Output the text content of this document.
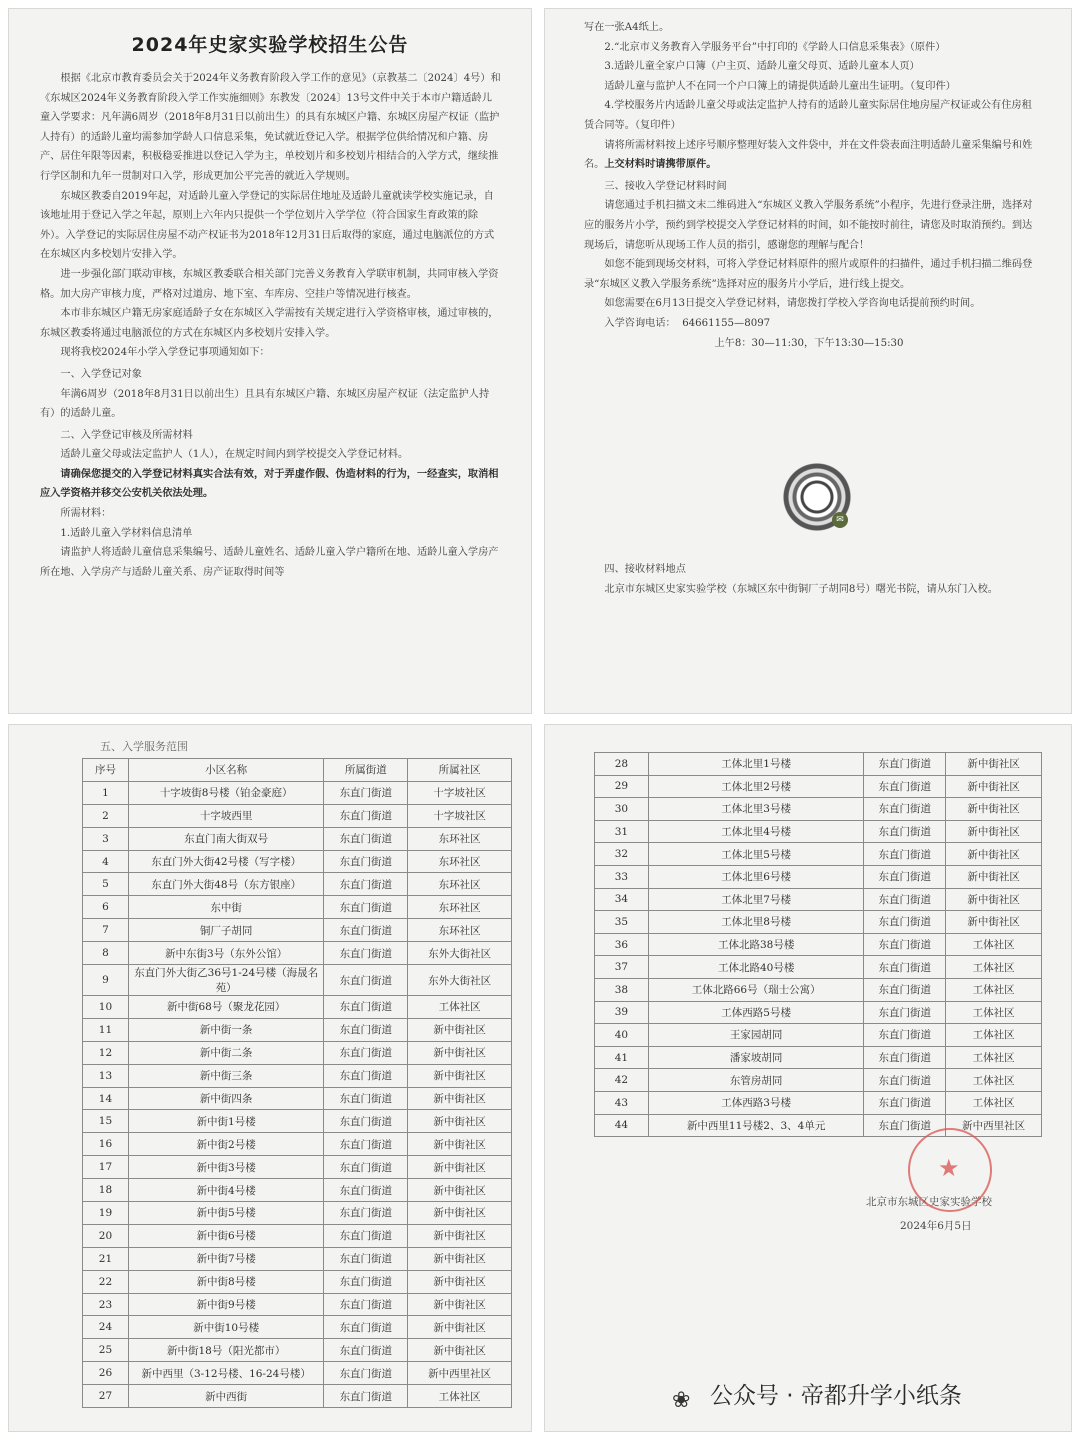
2024年史家实验学校招生公告

根据《北京市教育委员会关于2024年义务教育阶段入学工作的意见》（京教基二〔2024〕4号）和《东城区2024年义务教育阶段入学工作实施细则》东教发〔2024〕13号文件中关于本市户籍适龄儿童入学要求：凡年满6周岁（2018年8月31日以前出生）的具有东城区户籍、东城区房屋产权证（监护人持有）的适龄儿童均需参加学龄人口信息采集，免试就近登记入学。根据学位供给情况和户籍、房产、居住年限等因素，积极稳妥推进以登记入学为主，单校划片和多校划片相结合的入学方式，继续推行学区制和九年一贯制对口入学，形成更加公平完善的就近入学规则。

东城区教委自2019年起，对适龄儿童入学登记的实际居住地址及适龄儿童就读学校实施记录，自该地址用于登记入学之年起，原则上六年内只提供一个学位划片入学学位（符合国家生育政策的除外）。入学登记的实际居住房屋不动产权证书为2018年12月31日后取得的家庭，通过电脑派位的方式在东城区内多校划片安排入学。

进一步强化部门联动审核，东城区教委联合相关部门完善义务教育入学联审机制，共同审核入学资格。加大房产审核力度，严格对过道房、地下室、车库房、空挂户等情况进行核查。

本市非东城区户籍无房家庭适龄子女在东城区入学需按有关规定进行入学资格审核，通过审核的，东城区教委将通过电脑派位的方式在东城区内多校划片安排入学。

现将我校2024年小学入学登记事项通知如下：

一、入学登记对象

年满6周岁（2018年8月31日以前出生）且具有东城区户籍、东城区房屋产权证（法定监护人持有）的适龄儿童。

二、入学登记审核及所需材料

适龄儿童父母或法定监护人（1人），在规定时间内到学校提交入学登记材料。

请确保您提交的入学登记材料真实合法有效，对于弄虚作假、伪造材料的行为，一经查实，取消相应入学资格并移交公安机关依法处理。

所需材料：

1.适龄儿童入学材料信息清单

请监护人将适龄儿童信息采集编号、适龄儿童姓名、适龄儿童入学户籍所在地、适龄儿童入学房产所在地、入学房产与适龄儿童关系、房产证取得时间等

写在一张A4纸上。

2.“北京市义务教育入学服务平台”中打印的《学龄人口信息采集表》（原件）

3.适龄儿童全家户口簿（户主页、适龄儿童父母页、适龄儿童本人页）

适龄儿童与监护人不在同一个户口簿上的请提供适龄儿童出生证明。（复印件）

4.学校服务片内适龄儿童父母或法定监护人持有的适龄儿童实际居住地房屋产权证或公有住房租赁合同等。（复印件）

请将所需材料按上述序号顺序整理好装入文件袋中，并在文件袋表面注明适龄儿童采集编号和姓名。上交材料时请携带原件。

三、接收入学登记材料时间

请您通过手机扫描文末二维码进入“东城区义教入学服务系统”小程序，先进行登录注册，选择对应的服务片小学，预约到学校提交入学登记材料的时间，如不能按时前往，请您及时取消预约。到达现场后，请您听从现场工作人员的指引，感谢您的理解与配合！

如您不能到现场交材料，可将入学登记材料原件的照片或原件的扫描件，通过手机扫描二维码登录“东城区义教入学服务系统”选择对应的服务片小学后，进行线上提交。

如您需要在6月13日提交入学登记材料，请您拨打学校入学咨询电话提前预约时间。

入学咨询电话： 64661155—8097

上午8：30—11:30，下午13:30—15:30

✉

四、接收材料地点

北京市东城区史家实验学校（东城区东中街铜厂子胡同8号）曙光书院，请从东门入校。

五、入学服务范围
序号	小区名称	所属街道	所属社区
1	十字坡街8号楼（铂金豪庭）	东直门街道	十字坡社区
2	十字坡西里	东直门街道	十字坡社区
3	东直门南大街双号	东直门街道	东环社区
4	东直门外大街42号楼（写字楼）	东直门街道	东环社区
5	东直门外大街48号（东方银座）	东直门街道	东环社区
6	东中街	东直门街道	东环社区
7	铜厂子胡同	东直门街道	东环社区
8	新中东街3号（东外公馆）	东直门街道	东外大街社区
9	东直门外大街乙36号1-24号楼（海晟名苑）	东直门街道	东外大街社区
10	新中街68号（聚龙花园）	东直门街道	工体社区
11	新中街一条	东直门街道	新中街社区
12	新中街二条	东直门街道	新中街社区
13	新中街三条	东直门街道	新中街社区
14	新中街四条	东直门街道	新中街社区
15	新中街1号楼	东直门街道	新中街社区
16	新中街2号楼	东直门街道	新中街社区
17	新中街3号楼	东直门街道	新中街社区
18	新中街4号楼	东直门街道	新中街社区
19	新中街5号楼	东直门街道	新中街社区
20	新中街6号楼	东直门街道	新中街社区
21	新中街7号楼	东直门街道	新中街社区
22	新中街8号楼	东直门街道	新中街社区
23	新中街9号楼	东直门街道	新中街社区
24	新中街10号楼	东直门街道	新中街社区
25	新中街18号（阳光都市）	东直门街道	新中街社区
26	新中西里（3-12号楼、16-24号楼）	东直门街道	新中西里社区
27	新中西街	东直门街道	工体社区
28	工体北里1号楼	东直门街道	新中街社区
29	工体北里2号楼	东直门街道	新中街社区
30	工体北里3号楼	东直门街道	新中街社区
31	工体北里4号楼	东直门街道	新中街社区
32	工体北里5号楼	东直门街道	新中街社区
33	工体北里6号楼	东直门街道	新中街社区
34	工体北里7号楼	东直门街道	新中街社区
35	工体北里8号楼	东直门街道	新中街社区
36	工体北路38号楼	东直门街道	工体社区
37	工体北路40号楼	东直门街道	工体社区
38	工体北路66号（瑞士公寓）	东直门街道	工体社区
39	工体西路5号楼	东直门街道	工体社区
40	王家园胡同	东直门街道	工体社区
41	潘家坡胡同	东直门街道	工体社区
42	东管房胡同	东直门街道	工体社区
43	工体西路3号楼	东直门街道	工体社区
44	新中西里11号楼2、3、4单元	东直门街道	新中西里社区
北京市东城区史家实验学校
2024年6月5日
★
❀ 公众号 · 帝都升学小纸条
